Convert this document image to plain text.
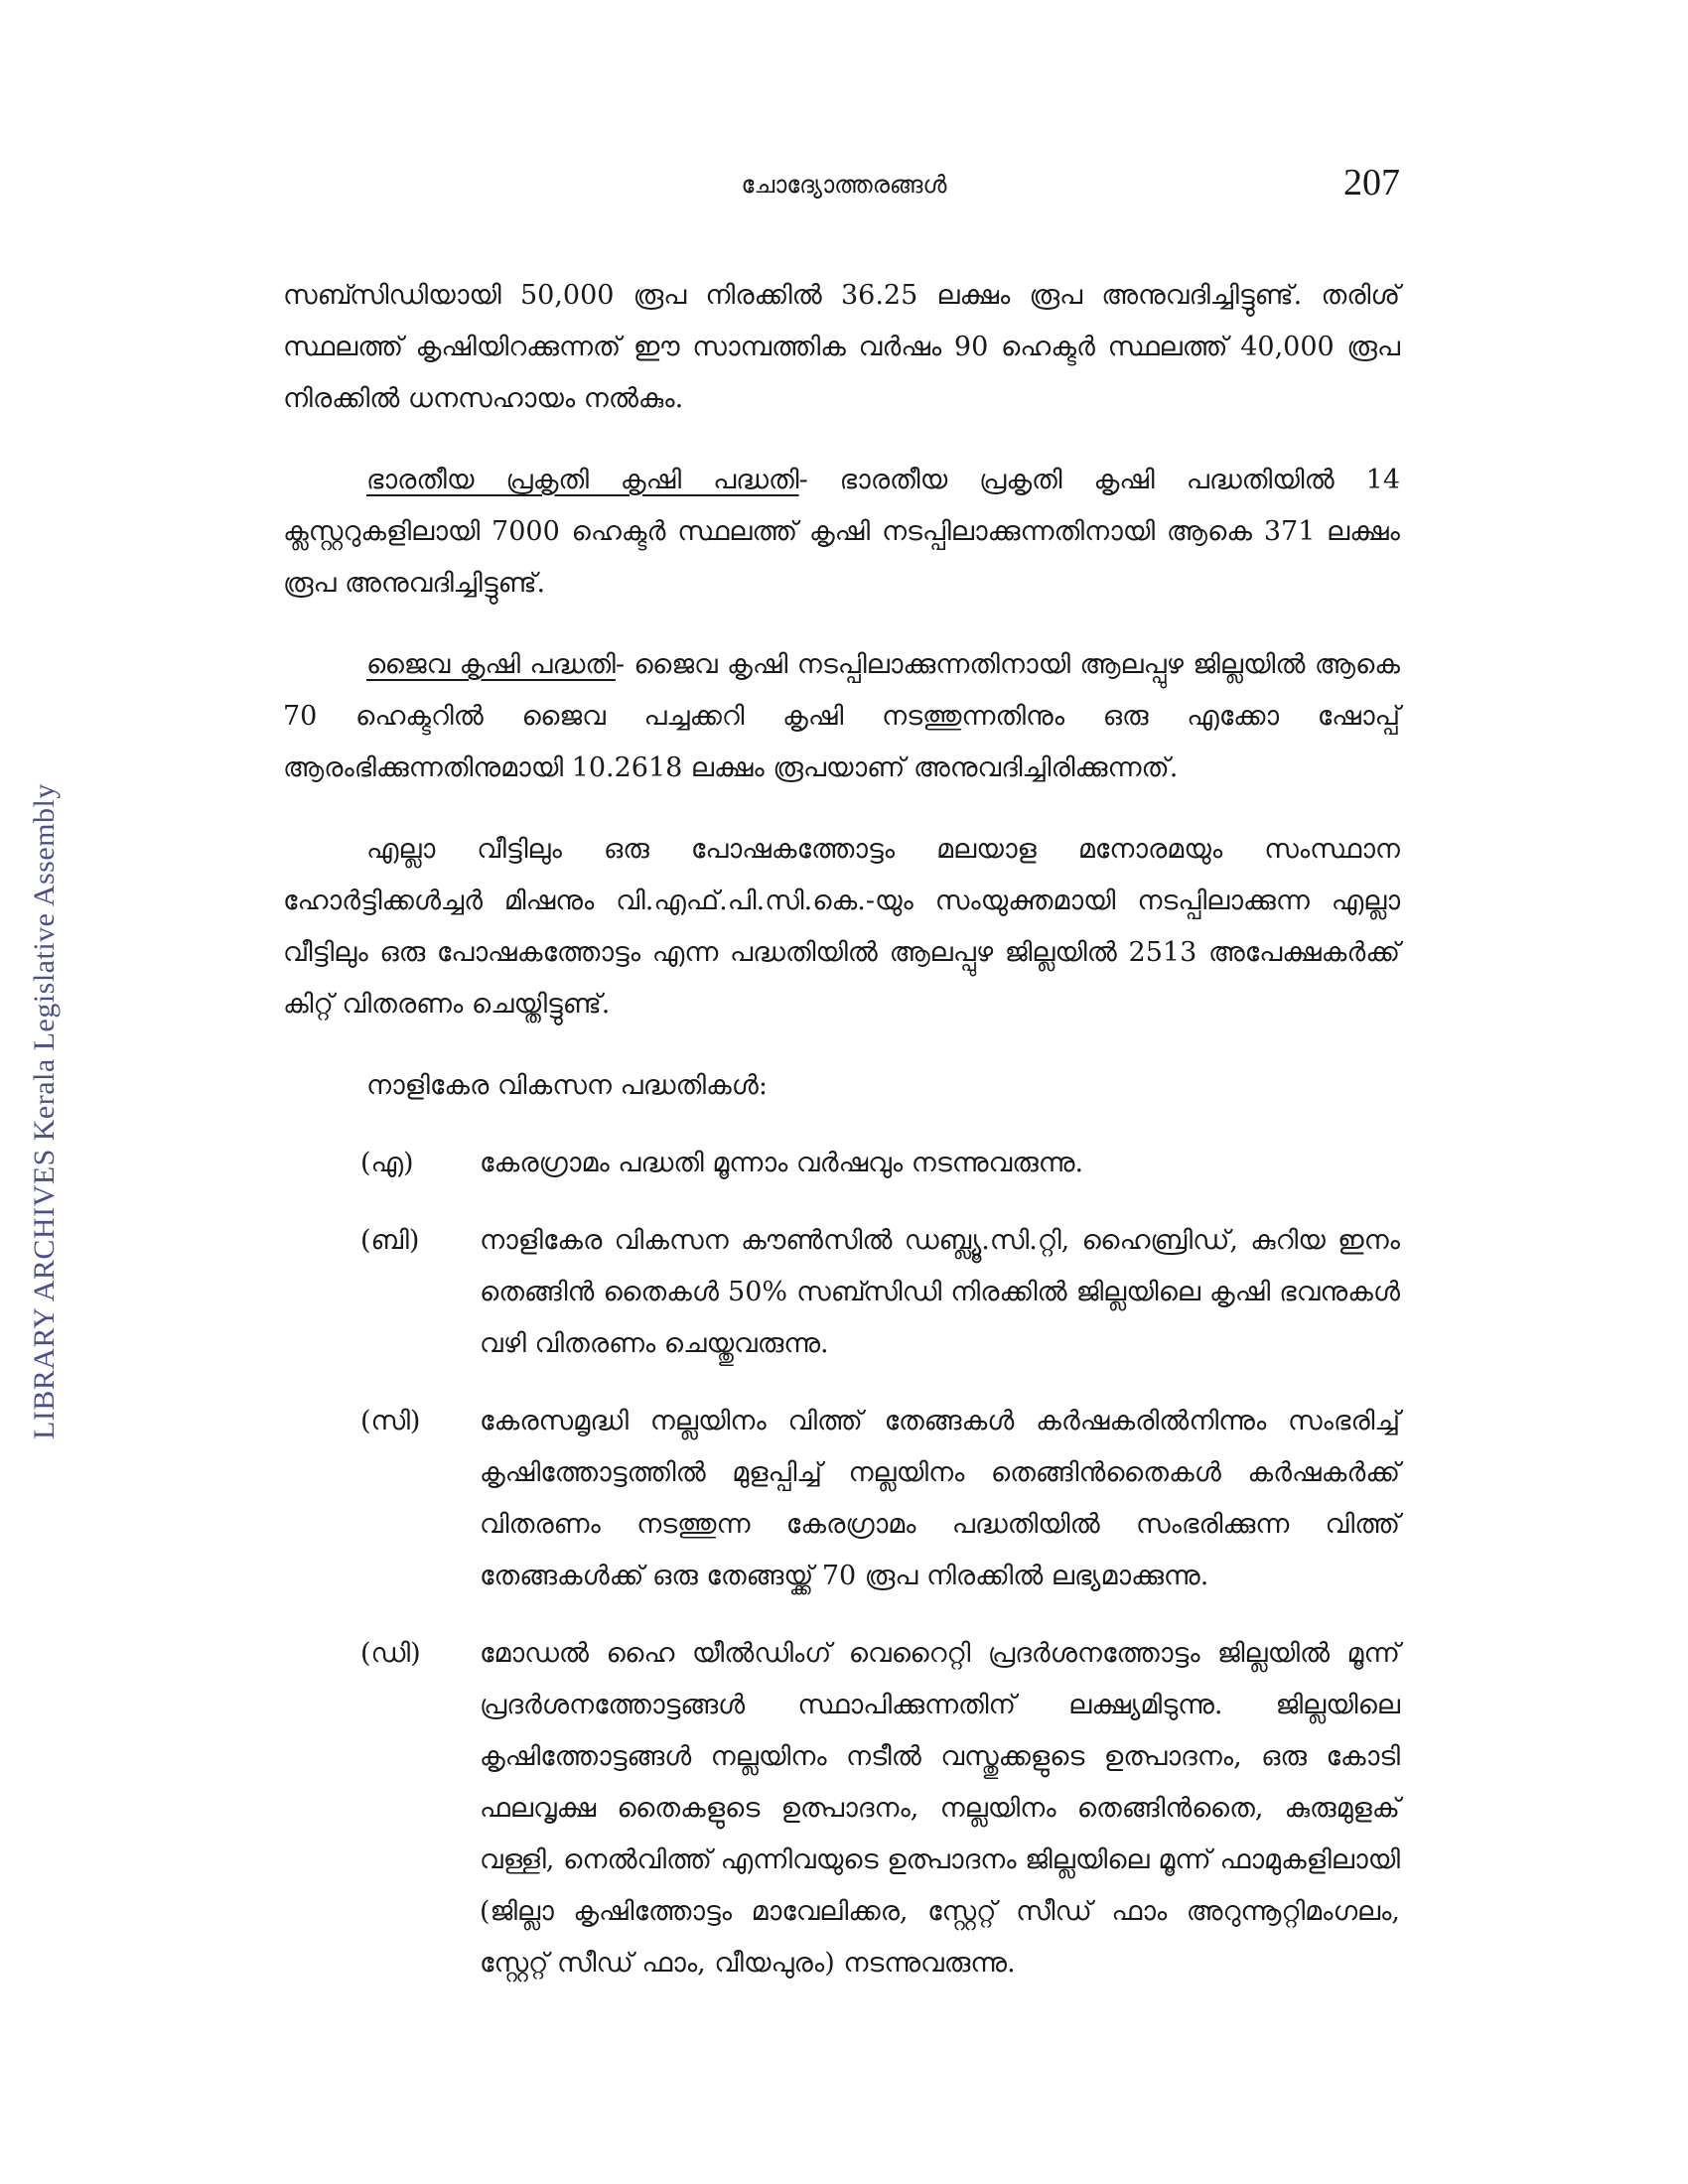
LIBRARY ARCHIVES Kerala Legislative Assembly
ചോദ്യോത്തരങ്ങൾ	207

സബ്സിഡിയായി 50,000 രൂപ നിരക്കിൽ 36.25 ലക്ഷം രൂപ അനുവദിച്ചിട്ടുണ്ട്. തരിശ് സ്ഥലത്ത് കൃഷിയിറക്കുന്നത് ഈ സാമ്പത്തിക വർഷം 90 ഹെക്ടർ സ്ഥലത്ത് 40,000 രൂപ നിരക്കിൽ ധനസഹായം നൽകും.

ഭാരതീയ പ്രകൃതി കൃഷി പദ്ധതി- ഭാരതീയ പ്രകൃതി കൃഷി പദ്ധതിയിൽ 14 ക്ലസ്റ്ററുകളിലായി 7000 ഹെക്ടർ സ്ഥലത്ത് കൃഷി നടപ്പിലാക്കുന്നതിനായി ആകെ 371 ലക്ഷം രൂപ അനുവദിച്ചിട്ടുണ്ട്.

ജൈവ കൃഷി പദ്ധതി- ജൈവ കൃഷി നടപ്പിലാക്കുന്നതിനായി ആലപ്പുഴ ജില്ലയിൽ ആകെ 70 ഹെക്ടറിൽ ജൈവ പച്ചക്കറി കൃഷി നടത്തുന്നതിനും ഒരു എക്കോ ഷോപ്പ് ആരംഭിക്കുന്നതിനുമായി 10.2618 ലക്ഷം രൂപയാണ് അനുവദിച്ചിരിക്കുന്നത്.

എല്ലാ വീട്ടിലും ഒരു പോഷകത്തോട്ടം മലയാള മനോരമയും സംസ്ഥാന ഹോർട്ടിക്കൾച്ചർ മിഷനും വി.എഫ്.പി.സി.കെ.-യും സംയുക്തമായി നടപ്പിലാക്കുന്ന എല്ലാ വീട്ടിലും ഒരു പോഷകത്തോട്ടം എന്ന പദ്ധതിയിൽ ആലപ്പുഴ ജില്ലയിൽ 2513 അപേക്ഷകർക്ക് കിറ്റ് വിതരണം ചെയ്തിട്ടുണ്ട്.

നാളികേര വികസന പദ്ധതികൾ:

(എ)	കേരഗ്രാമം പദ്ധതി മൂന്നാം വർഷവും നടന്നുവരുന്നു.
(ബി)	നാളികേര വികസന കൗൺസിൽ ഡബ്ല്യൂ.സി.റ്റി, ഹൈബ്രിഡ്, കുറിയ ഇനം തെങ്ങിൻ തൈകൾ 50% സബ്സിഡി നിരക്കിൽ ജില്ലയിലെ കൃഷി ഭവനുകൾ വഴി വിതരണം ചെയ്തുവരുന്നു.
(സി)	കേരസമൃദ്ധി നല്ലയിനം വിത്ത് തേങ്ങകൾ കർഷകരിൽനിന്നും സംഭരിച്ച് കൃഷിത്തോട്ടത്തിൽ മുളപ്പിച്ച് നല്ലയിനം തെങ്ങിൻതൈകൾ കർഷകർക്ക് വിതരണം നടത്തുന്ന കേരഗ്രാമം പദ്ധതിയിൽ സംഭരിക്കുന്ന വിത്ത് തേങ്ങകൾക്ക് ഒരു തേങ്ങയ്ക്ക് 70 രൂപ നിരക്കിൽ ലഭ്യമാക്കുന്നു.
(ഡി)	മോഡൽ ഹൈ യീൽഡിംഗ് വെറൈറ്റി പ്രദർശനത്തോട്ടം ജില്ലയിൽ മൂന്ന് പ്രദർശനത്തോട്ടങ്ങൾ സ്ഥാപിക്കുന്നതിന് ലക്ഷ്യമിടുന്നു. ജില്ലയിലെ കൃഷിത്തോട്ടങ്ങൾ നല്ലയിനം നടീൽ വസ്തുക്കളുടെ ഉത്പാദനം, ഒരു കോടി ഫലവൃക്ഷ തൈകളുടെ ഉത്പാദനം, നല്ലയിനം തെങ്ങിൻതൈ, കുരുമുളക് വള്ളി, നെൽവിത്ത് എന്നിവയുടെ ഉത്പാദനം ജില്ലയിലെ മൂന്ന് ഫാമുകളിലായി (ജില്ലാ കൃഷിത്തോട്ടം മാവേലിക്കര, സ്റ്റേറ്റ് സീഡ് ഫാം അറുന്നൂറ്റിമംഗലം, സ്റ്റേറ്റ് സീഡ് ഫാം, വീയപുരം) നടന്നുവരുന്നു.
